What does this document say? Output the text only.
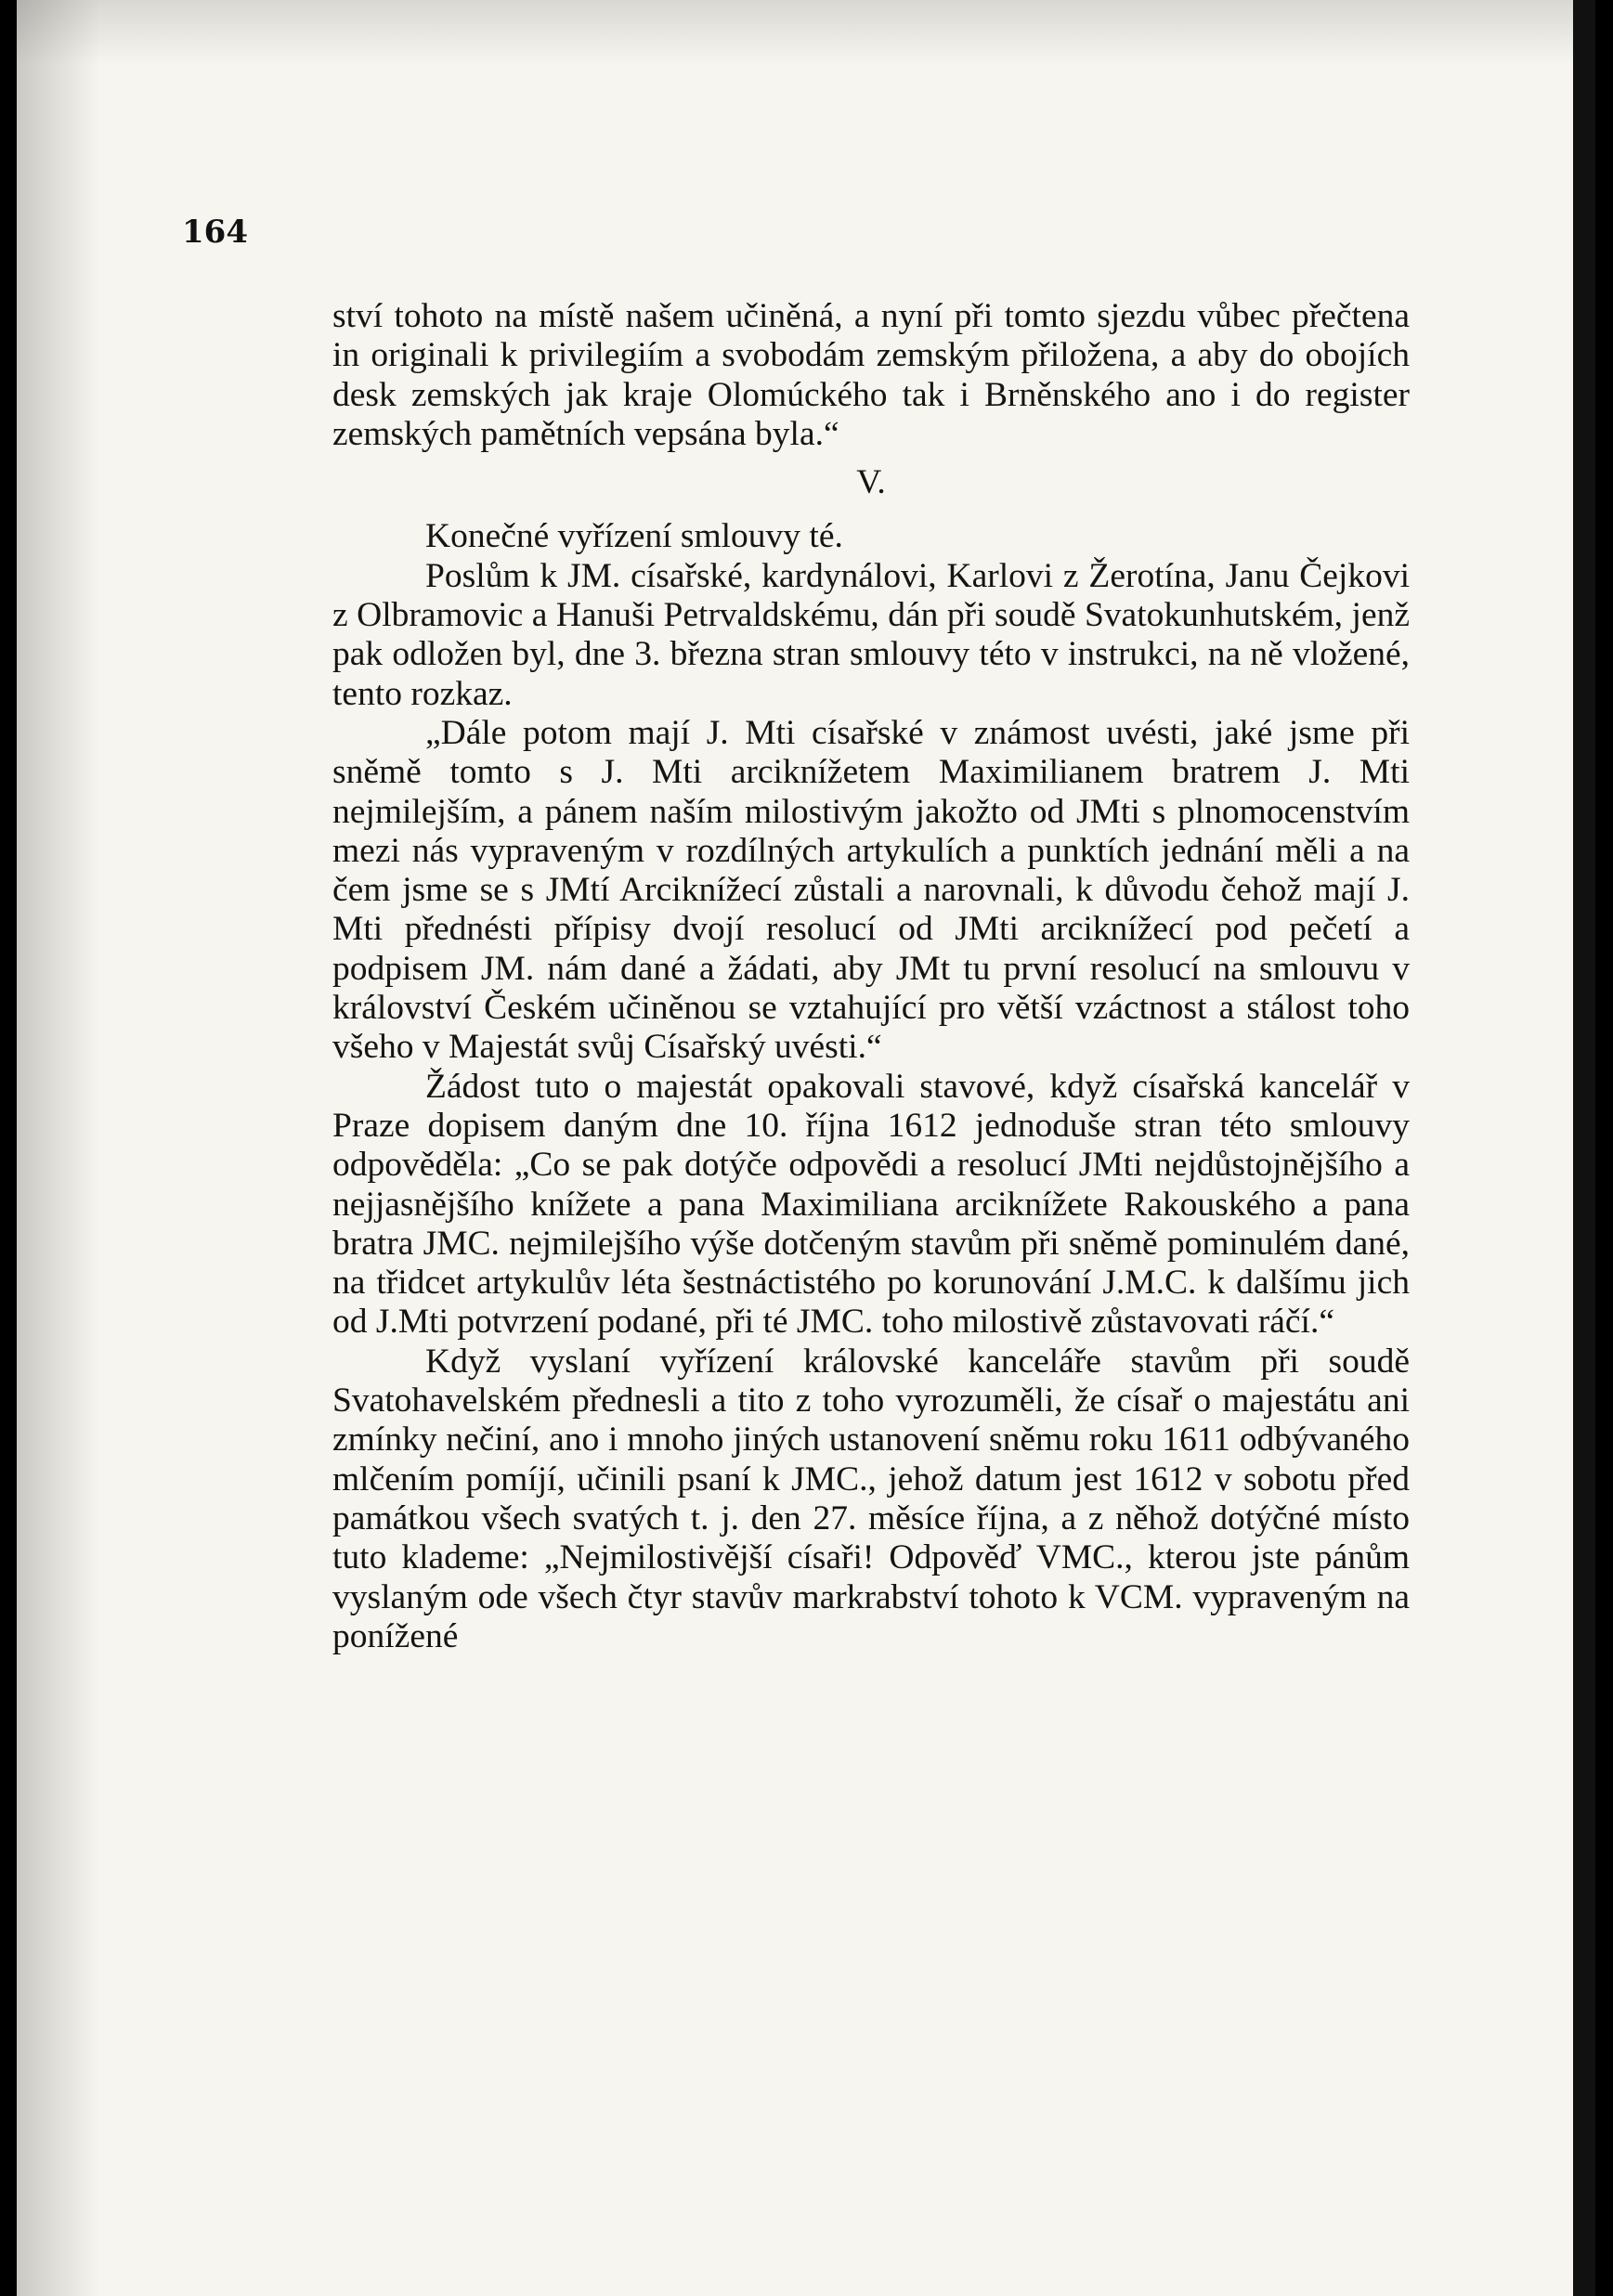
164

ství tohoto na místě našem učiněná, a nyní při tomto sjezdu vůbec přečtena in originali k privilegiím a svobodám zemským přiložena, a aby do obojích desk zemských jak kraje Olomúckého tak i Brněnského ano i do register zemských pamětních vepsána byla.“

V.

Konečné vyřízení smlouvy té.

Poslům k JM. císařské, kardynálovi, Karlovi z Žerotína, Janu Čejkovi z Olbramovic a Hanuši Petrvaldskému, dán při soudě Svatokunhutském, jenž pak odložen byl, dne 3. března stran smlouvy této v instrukci, na ně vložené, tento rozkaz.

„Dále potom mají J. Mti císařské v známost uvésti, jaké jsme při sněmě tomto s J. Mti arciknížetem Maximilianem bratrem J. Mti nejmilejším, a pánem naším milostivým jakožto od JMti s plnomocenstvím mezi nás vypraveným v rozdílných artykulích a punktích jednání měli a na čem jsme se s JMtí Arciknížecí zůstali a narovnali, k důvodu čehož mají J. Mti přednésti přípisy dvojí resolucí od JMti arciknížecí pod pečetí a podpisem JM. nám dané a žádati, aby JMt tu první resolucí na smlouvu v království Českém učiněnou se vztahující pro větší vzáctnost a stálost toho všeho v Majestát svůj Císařský uvésti.“

Žádost tuto o majestát opakovali stavové, když císařská kancelář v Praze dopisem daným dne 10. října 1612 jednoduše stran této smlouvy odpověděla: „Co se pak dotýče odpovědi a resolucí JMti nejdůstojnějšího a nejjasnějšího knížete a pana Maximiliana arciknížete Rakouského a pana bratra JMC. nejmilejšího výše dotčeným stavům při sněmě pominulém dané, na třidcet artykulův léta šestnáctistého po korunování J.M.C. k dalšímu jich od J.Mti potvrzení podané, při té JMC. toho milostivě zůstavovati ráčí.“

Když vyslaní vyřízení královské kanceláře stavům při soudě Svatohavelském přednesli a tito z toho vyrozuměli, že císař o majestátu ani zmínky nečiní, ano i mnoho jiných ustanovení sněmu roku 1611 odbývaného mlčením pomíjí, učinili psaní k JMC., jehož datum jest 1612 v sobotu před památkou všech svatých t. j. den 27. měsíce října, a z něhož dotýčné místo tuto klademe: „Nejmilostivější císaři! Odpověď VMC., kterou jste pánům vyslaným ode všech čtyr stavův markrabství tohoto k VCM. vypraveným na ponížené
